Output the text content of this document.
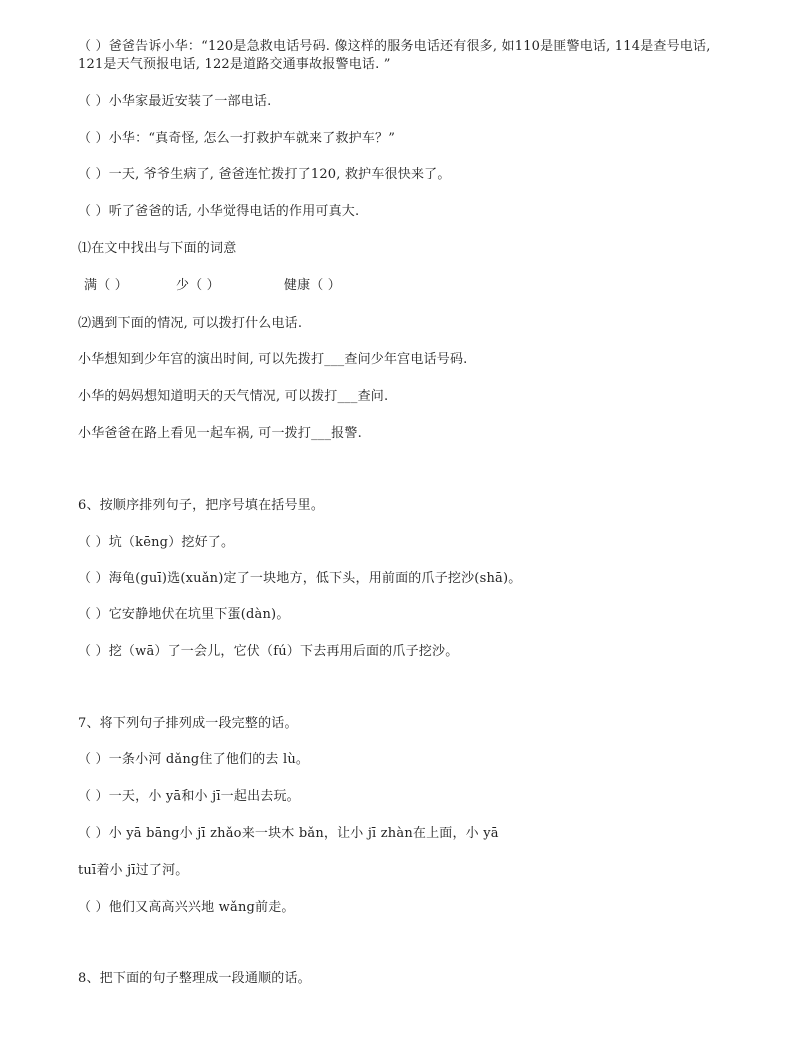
（ ）爸爸告诉小华：“120是急救电话号码. 像这样的服务电话还有很多, 如110是匪警电话, 114是查号电话, 121是天气预报电话, 122是道路交通事故报警电话. ”
（ ）小华家最近安装了一部电话.
（ ）小华：“真奇怪, 怎么一打救护车就来了救护车？”
（ ）一天, 爷爷生病了, 爸爸连忙拨打了120, 救护车很快来了。
（ ）听了爸爸的话, 小华觉得电话的作用可真大.
⑴在文中找出与下面的词意
满（ ）	少（ ）	健康（ ）
⑵遇到下面的情况, 可以拨打什么电话.
小华想知到少年宫的演出时间, 可以先拨打___查问少年宫电话号码.
小华的妈妈想知道明天的天气情况, 可以拨打___查问.
小华爸爸在路上看见一起车祸, 可一拨打___报警.
6、按顺序排列句子，把序号填在括号里。
（ ）坑（kēng）挖好了。
（ ）海龟(guī)选(xuǎn)定了一块地方，低下头，用前面的爪子挖沙(shā)。
（ ）它安静地伏在坑里下蛋(dàn)。
（ ）挖（wā）了一会儿，它伏（fú）下去再用后面的爪子挖沙。
7、将下列句子排列成一段完整的话。
（ ）一条小河 dǎng住了他们的去 lù。
（ ）一天，小 yā和小 jī一起出去玩。
（ ）小 yā bāng小 jī zhǎo来一块木 bǎn，让小 jī zhàn在上面，小 yā
tuī着小 jī过了河。
（ ）他们又高高兴兴地 wǎng前走。
8、把下面的句子整理成一段通顺的话。
